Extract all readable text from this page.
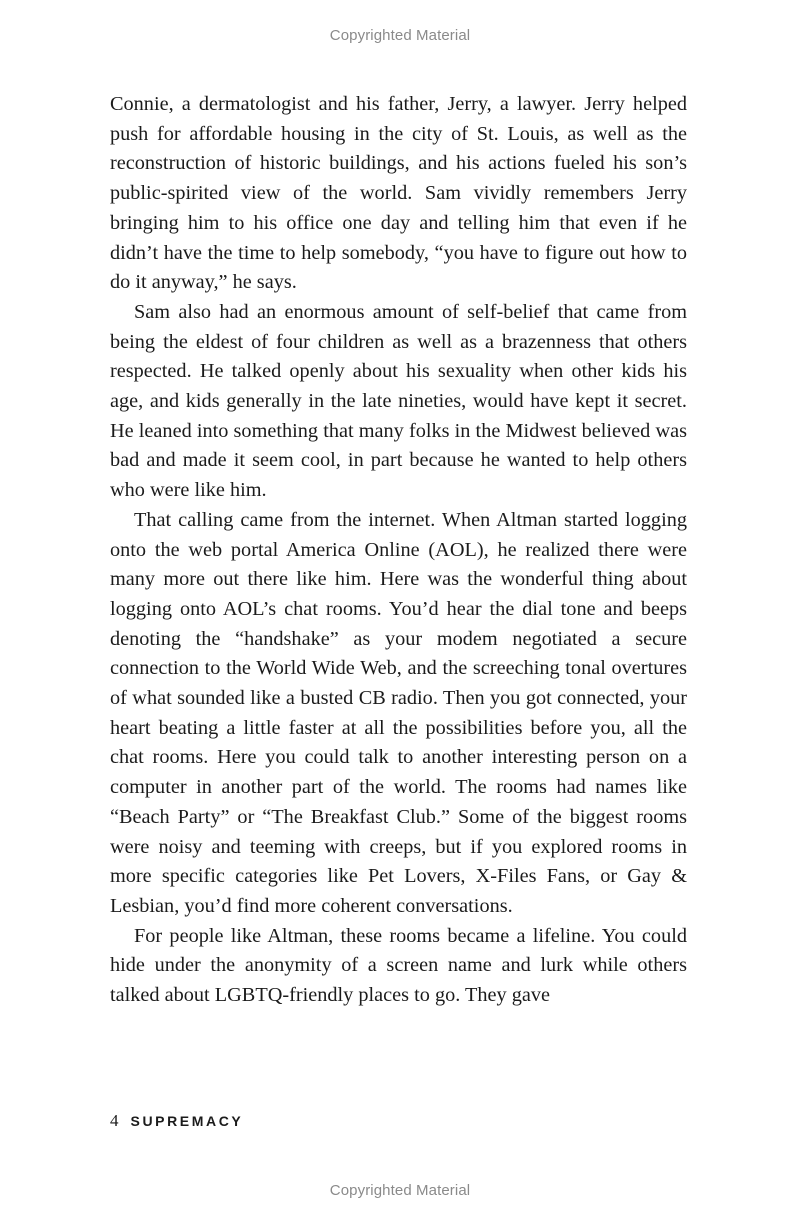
Copyrighted Material

Connie, a dermatologist and his father, Jerry, a lawyer. Jerry helped push for affordable housing in the city of St. Louis, as well as the reconstruction of historic buildings, and his actions fueled his son’s public-spirited view of the world. Sam vividly remembers Jerry bringing him to his office one day and telling him that even if he didn’t have the time to help somebody, “you have to figure out how to do it anyway,” he says.

Sam also had an enormous amount of self-belief that came from being the eldest of four children as well as a brazenness that others respected. He talked openly about his sexuality when other kids his age, and kids generally in the late nineties, would have kept it secret. He leaned into something that many folks in the Midwest believed was bad and made it seem cool, in part because he wanted to help others who were like him.

That calling came from the internet. When Altman started logging onto the web portal America Online (AOL), he realized there were many more out there like him. Here was the wonderful thing about logging onto AOL’s chat rooms. You’d hear the dial tone and beeps denoting the “handshake” as your modem negotiated a secure connection to the World Wide Web, and the screeching tonal overtures of what sounded like a busted CB radio. Then you got connected, your heart beating a little faster at all the possibilities before you, all the chat rooms. Here you could talk to another interesting person on a computer in another part of the world. The rooms had names like “Beach Party” or “The Breakfast Club.” Some of the biggest rooms were noisy and teeming with creeps, but if you explored rooms in more specific categories like Pet Lovers, X-Files Fans, or Gay & Lesbian, you’d find more coherent conversations.

For people like Altman, these rooms became a lifeline. You could hide under the anonymity of a screen name and lurk while others talked about LGBTQ-friendly places to go. They gave

4 SUPREMACY
Copyrighted Material
